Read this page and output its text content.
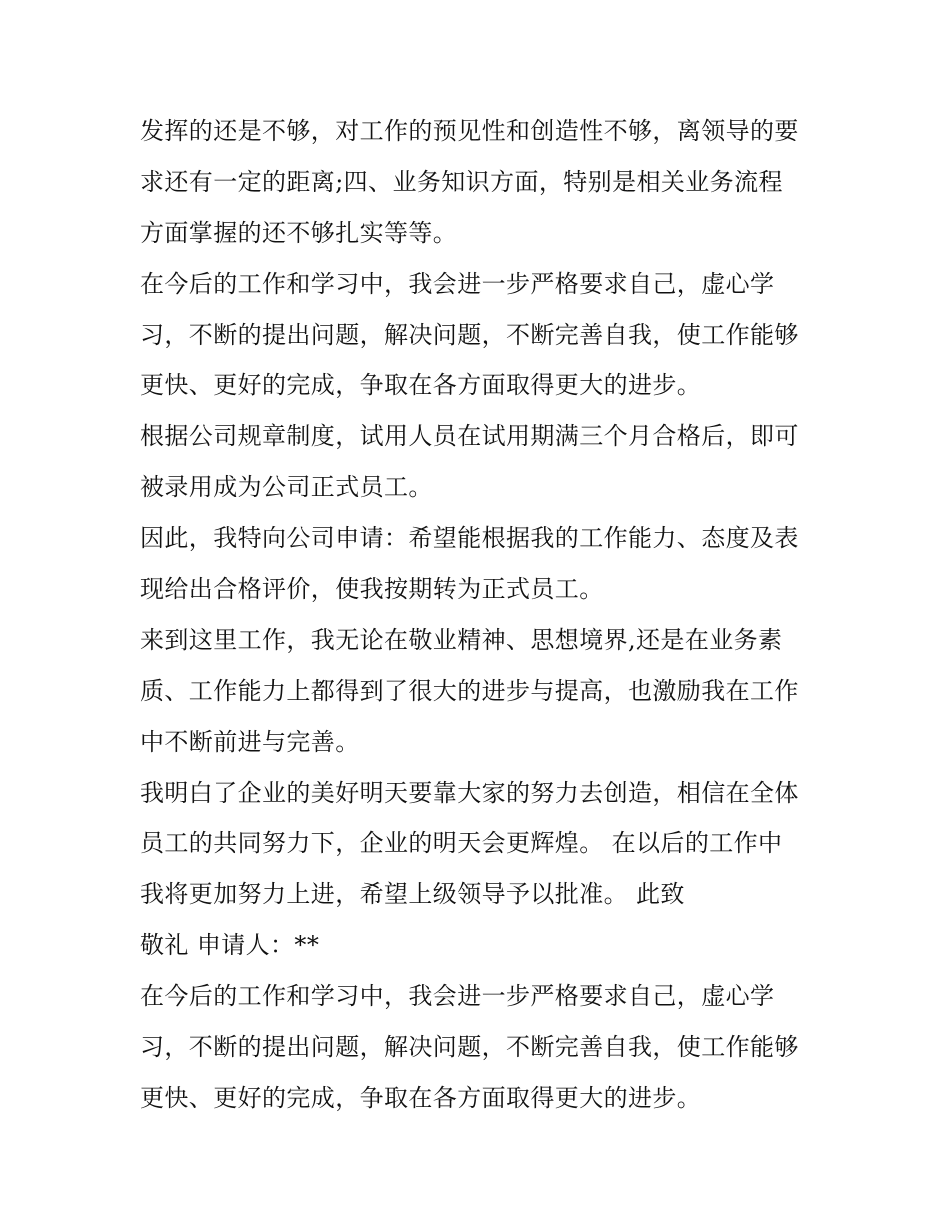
发挥的还是不够，对工作的预见性和创造性不够，离领导的要
求还有一定的距离;四、业务知识方面，特别是相关业务流程
方面掌握的还不够扎实等等。

在今后的工作和学习中，我会进一步严格要求自己，虚心学
习，不断的提出问题，解决问题，不断完善自我，使工作能够
更快、更好的完成，争取在各方面取得更大的进步。

根据公司规章制度，试用人员在试用期满三个月合格后，即可
被录用成为公司正式员工。

因此，我特向公司申请：希望能根据我的工作能力、态度及表
现给出合格评价，使我按期转为正式员工。

来到这里工作，我无论在敬业精神、思想境界,还是在业务素
质、工作能力上都得到了很大的进步与提高，也激励我在工作
中不断前进与完善。

我明白了企业的美好明天要靠大家的努力去创造，相信在全体
员工的共同努力下，企业的明天会更辉煌。 在以后的工作中
我将更加努力上进，希望上级领导予以批准。 此致

敬礼 申请人：**

在今后的工作和学习中，我会进一步严格要求自己，虚心学
习，不断的提出问题，解决问题，不断完善自我，使工作能够
更快、更好的完成，争取在各方面取得更大的进步。
